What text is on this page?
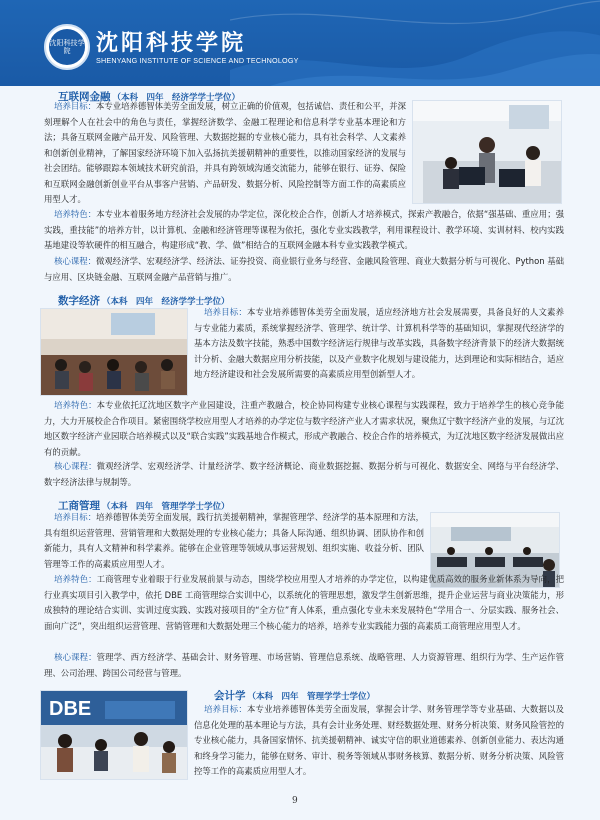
沈阳科技学院	沈阳科技学院
SHENYANG INSTITUTE OF SCIENCE AND TECHNOLOGY
互联网金融 （本科　四年　经济学学士学位）
培养目标：本专业培养德智体美劳全面发展，树立正确的价值观，包括诚信、责任和公平，并深刻理解个人在社会中的角色与责任，掌握经济数学、金融工程理论和信息科学专业基本理论和方法；具备互联网金融产品开发、风险管理、大数据挖掘的专业核心能力，具有社会科学、人文素养和创新创业精神，了解国家经济环境下加入弘扬抗美援朝精神的重要性，以推动国家经济的发展与社会团结。能够跟踪本领域技术研究前沿，并具有跨领域沟通交流能力，能够在银行、证券、保险和互联网金融创新创业平台从事客户营销、产品研发、数据分析、风险控制等方面工作的高素质应用型人才。
培养特色：本专业本着服务地方经济社会发展的办学定位，深化校企合作，创新人才培养模式，探索产教融合，依据“强基础、重应用；强实践，重技能”的培养方针，以计算机、金融和经济管理等课程为依托，强化专业实践教学，利用课程设计、教学环境、实训材料、校内实践基地建设等软硬件的相互融合，构建形成“教、学、做”相结合的互联网金融本科专业实践教学模式。
核心课程：微观经济学、宏观经济学、经济法、证券投资、商业银行业务与经营、金融风险管理、商业大数据分析与可视化、Python 基础与应用、区块链金融、互联网金融产品营销与推广。
数字经济 （本科　四年　经济学学士学位）
培养目标：本专业培养德智体美劳全面发展，适应经济地方社会发展需要，具备良好的人文素养与专业能力素质，系统掌握经济学、管理学、统计学、计算机科学等的基础知识，掌握现代经济学的基本方法及数字技能，熟悉中国数字经济运行规律与改革实践，具备数字经济背景下的经济大数据统计分析、金融大数据应用分析技能，以及产业数字化规划与建设能力，达到理论和实际相结合，适应地方经济建设和社会发展所需要的高素质应用型创新型人才。
培养特色：本专业依托辽沈地区数字产业园建设，注重产教融合，校企协同构建专业核心课程与实践课程，致力于培养学生的核心竞争能力，大力开展校企合作项目。紧密围绕学校应用型人才培养的办学定位与数字经济产业人才需求状况，聚焦辽宁数字经济产业的发展，与辽沈地区数字经济产业园联合培养模式以及“联合实践”实践基地合作模式，形成产教融合、校企合作的培养模式，为辽沈地区数字经济发展做出应有的贡献。
核心课程：微观经济学、宏观经济学、计量经济学、数字经济概论、商业数据挖掘、数据分析与可视化、数据安全、网络与平台经济学、数字经济法律与规制等。
工商管理 （本科　四年　管理学学士学位）
培养目标：培养德智体美劳全面发展，践行抗美援朝精神，掌握管理学、经济学的基本原理和方法，具有组织运营管理、营销管理和大数据处理的专业核心能力；具备人际沟通、组织协调、团队协作和创新能力，具有人文精神和科学素养。能够在企业管理等领域从事运营规划、组织实施、收益分析、团队管理等工作的高素质应用型人才。
培养特色：工商管理专业着眼于行业发展前景与动态，围绕学校应用型人才培养的办学定位，以构建优质高效的服务业新体系为导向，把行业真实项目引入教学中，依托 DBE 工商管理综合实训中心，以系统化的管理思想，激发学生创新思维，提升企业运营与商业决策能力，形成独特的理论结合实训、实训过度实践、实践对接项目的“全方位”育人体系，重点强化专业未来发展特色“学用合一、分层实践、服务社会、面向广泛”，突出组织运营管理、营销管理和大数据处理三个核心能力的培养，培养专业实践能力强的高素质工商管理应用型人才。
核心课程：管理学、西方经济学、基础会计、财务管理、市场营销、管理信息系统、战略管理、人力资源管理、组织行为学、生产运作管理、公司治理、跨国公司经营与管理。
会计学 （本科　四年　管理学学士学位）
DBE	培养目标：本专业培养德智体美劳全面发展，掌握会计学、财务管理学等专业基础、大数据以及信息化处理的基本理论与方法，具有会计业务处理、财经数据处理、财务分析决策、财务风险管控的专业核心能力，具备国家情怀、抗美援朝精神、诚实守信的职业道德素养、创新创业能力、表达沟通和终身学习能力，能够在财务、审计、税务等领域从事财务核算、数据分析、财务分析决策、风险管控等工作的高素质应用型人才。
9
